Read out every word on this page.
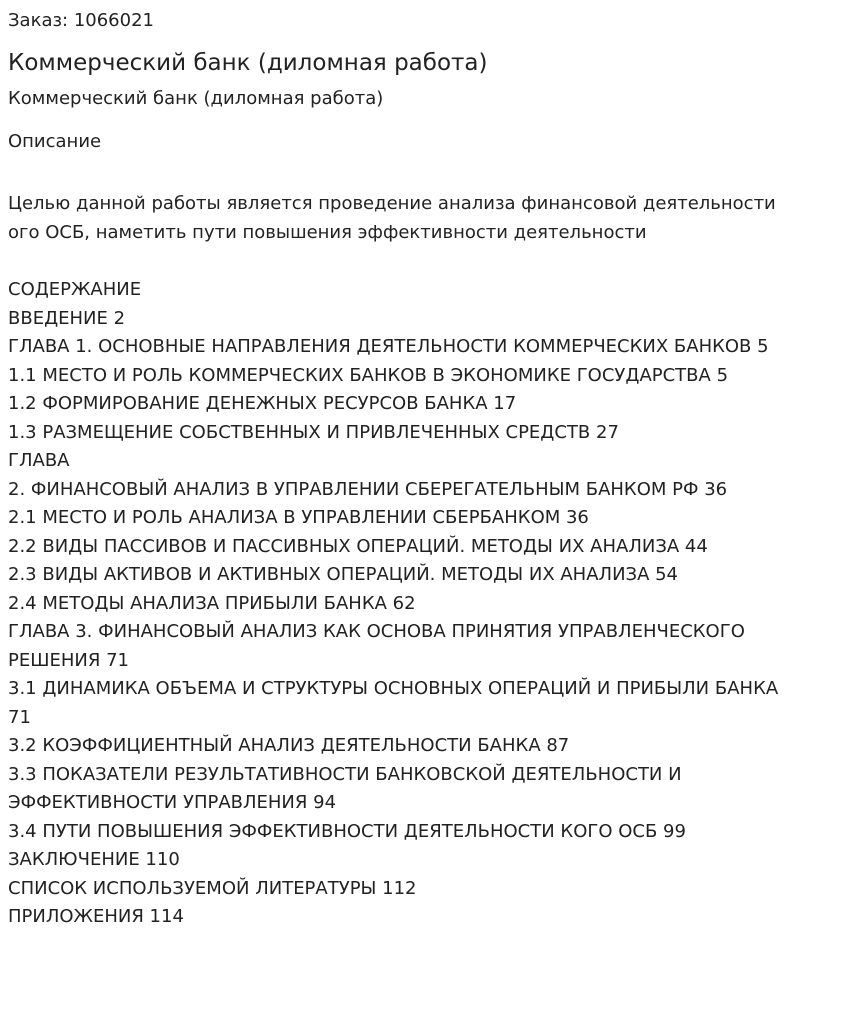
Заказ: 1066021
Коммерческий банк (диломная работа)
Коммерческий банк (диломная работа)
Описание
Целью данной работы является проведение анализа финансовой деятельности
ого ОСБ, наметить пути повышения эффективности деятельности
СОДЕРЖАНИЕ
ВВЕДЕНИЕ 2
ГЛАВА 1. ОСНОВНЫЕ НАПРАВЛЕНИЯ ДЕЯТЕЛЬНОСТИ КОММЕРЧЕСКИХ БАНКОВ 5
1.1 МЕСТО И РОЛЬ КОММЕРЧЕСКИХ БАНКОВ В ЭКОНОМИКЕ ГОСУДАРСТВА 5
1.2 ФОРМИРОВАНИЕ ДЕНЕЖНЫХ РЕСУРСОВ БАНКА 17
1.3 РАЗМЕЩЕНИЕ СОБСТВЕННЫХ И ПРИВЛЕЧЕННЫХ СРЕДСТВ 27
ГЛАВА
2. ФИНАНСОВЫЙ АНАЛИЗ В УПРАВЛЕНИИ СБЕРЕГАТЕЛЬНЫМ БАНКОМ РФ 36
2.1 МЕСТО И РОЛЬ АНАЛИЗА В УПРАВЛЕНИИ СБЕРБАНКОМ 36
2.2 ВИДЫ ПАССИВОВ И ПАССИВНЫХ ОПЕРАЦИЙ. МЕТОДЫ ИХ АНАЛИЗА 44
2.3 ВИДЫ АКТИВОВ И АКТИВНЫХ ОПЕРАЦИЙ. МЕТОДЫ ИХ АНАЛИЗА 54
2.4 МЕТОДЫ АНАЛИЗА ПРИБЫЛИ БАНКА 62
ГЛАВА 3. ФИНАНСОВЫЙ АНАЛИЗ КАК ОСНОВА ПРИНЯТИЯ УПРАВЛЕНЧЕСКОГО
РЕШЕНИЯ 71
3.1 ДИНАМИКА ОБЪЕМА И СТРУКТУРЫ ОСНОВНЫХ ОПЕРАЦИЙ И ПРИБЫЛИ БАНКА
71
3.2 КОЭФФИЦИЕНТНЫЙ АНАЛИЗ ДЕЯТЕЛЬНОСТИ БАНКА 87
3.3 ПОКАЗАТЕЛИ РЕЗУЛЬТАТИВНОСТИ БАНКОВСКОЙ ДЕЯТЕЛЬНОСТИ И
ЭФФЕКТИВНОСТИ УПРАВЛЕНИЯ 94
3.4 ПУТИ ПОВЫШЕНИЯ ЭФФЕКТИВНОСТИ ДЕЯТЕЛЬНОСТИ КОГО ОСБ 99
ЗАКЛЮЧЕНИЕ 110
СПИСОК ИСПОЛЬЗУЕМОЙ ЛИТЕРАТУРЫ 112
ПРИЛОЖЕНИЯ 114
